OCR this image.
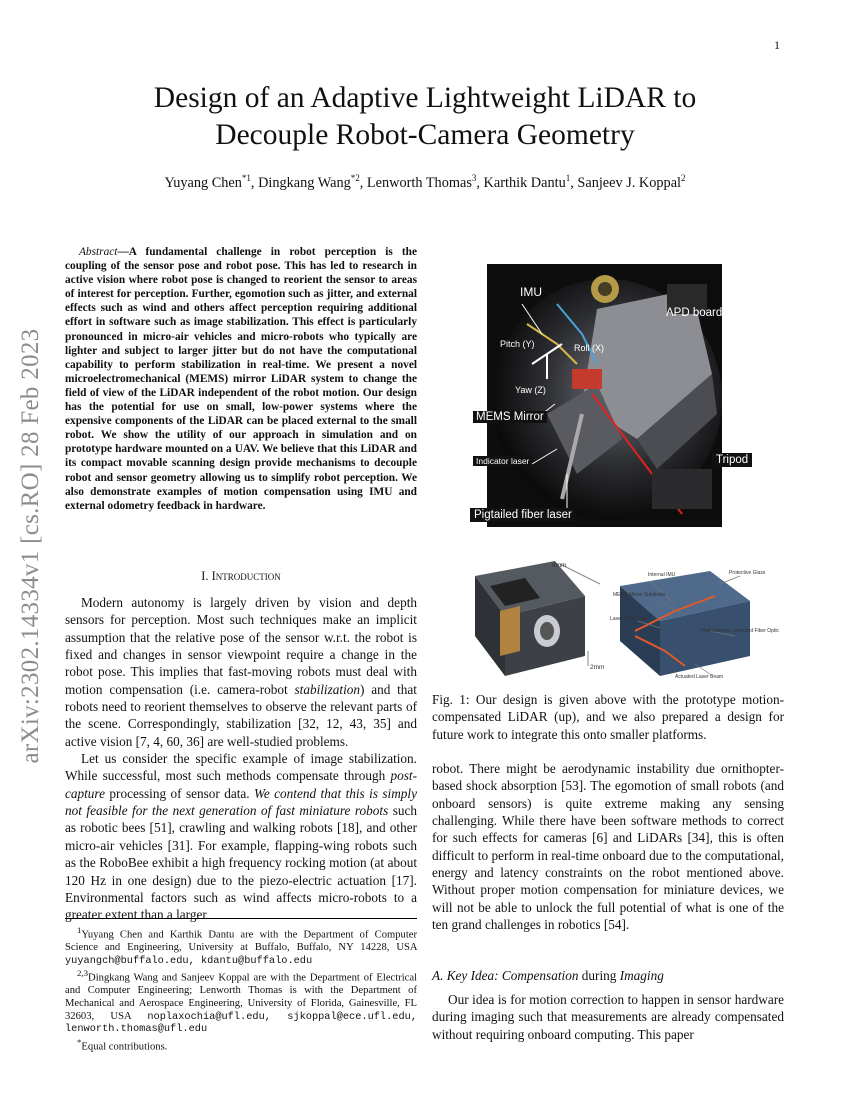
1
arXiv:2302.14334v1 [cs.RO] 28 Feb 2023
Design of an Adaptive Lightweight LiDAR to
Decouple Robot-Camera Geometry
Yuyang Chen$^{*1}$, Dingkang Wang$^{*2}$, Lenworth Thomas$^3$, Karthik Dantu$^1$, Sanjeev J. Koppal$^2$
Abstract—A fundamental challenge in robot perception is the coupling of the sensor pose and robot pose. This has led to research in active vision where robot pose is changed to reorient the sensor to areas of interest for perception. Further, egomotion such as jitter, and external effects such as wind and others affect perception requiring additional effort in software such as image stabilization. This effect is particularly pronounced in micro-air vehicles and micro-robots who typically are lighter and subject to larger jitter but do not have the computational capability to perform stabilization in real-time. We present a novel microelectromechanical (MEMS) mirror LiDAR system to change the field of view of the LiDAR independent of the robot motion. Our design has the potential for use on small, low-power systems where the expensive components of the LiDAR can be placed external to the small robot. We show the utility of our approach in simulation and on prototype hardware mounted on a UAV. We believe that this LiDAR and its compact movable scanning design provide mechanisms to decouple robot and sensor geometry allowing us to simplify robot perception. We also demonstrate examples of motion compensation using IMU and external odometry feedback in hardware.
I. Introduction

Modern autonomy is largely driven by vision and depth sensors for perception. Most such techniques make an implicit assumption that the relative pose of the sensor w.r.t. the robot is fixed and changes in sensor viewpoint require a change in the robot pose. This implies that fast-moving robots must deal with motion compensation (i.e. camera-robot stabilization) and that robots need to reorient themselves to observe the relevant parts of the scene. Correspondingly, stabilization [32, 12, 43, 35] and active vision [7, 4, 60, 36] are well-studied problems.

Let us consider the specific example of image stabilization. While successful, most such methods compensate through post-capture processing of sensor data. We contend that this is simply not feasible for the next generation of fast miniature robots such as robotic bees [51], crawling and walking robots [18], and other micro-air vehicles [31]. For example, flapping-wing robots such as the RoboBee exhibit a high frequency rocking motion (at about 120 Hz in one design) due to the piezo-electric actuation [17]. Environmental factors such as wind affects micro-robots to a greater extent than a larger

$^1$Yuyang Chen and Karthik Dantu are with the Department of Computer Science and Engineering, University at Buffalo, Buffalo, NY 14228, USA yuyangch@buffalo.edu, kdantu@buffalo.edu

$^{2,3}$Dingkang Wang and Sanjeev Koppal are with the Department of Electrical and Computer Engineering; Lenworth Thomas is with the Department of Mechanical and Aerospace Engineering, University of Florida, Gainesville, FL 32603, USA noplaxochia@ufl.edu, sjkoppal@ece.ufl.edu, lenworth.thomas@ufl.edu

*Equal contributions.

IMU
APD board
Pitch (Y)	Roll (X)
Yaw (Z)
MEMS Mirror
Indicator laser	Tripod
Pigtailed fiber laser
8mm
2mm
Internal IMU	Protective Glass
MEMS Mirror Substrate
Laser Fiber Optic
Photodetector Lens and Fiber Optic
Actuated Laser Beam
Fig. 1: Our design is given above with the prototype motion-compensated LiDAR (up), and we also prepared a design for future work to integrate this onto smaller platforms.

robot. There might be aerodynamic instability due ornithopter-based shock absorption [53]. The egomotion of small robots (and onboard sensors) is quite extreme making any sensing challenging. While there have been software methods to correct for such effects for cameras [6] and LiDARs [34], this is often difficult to perform in real-time onboard due to the computational, energy and latency constraints on the robot mentioned above. Without proper motion compensation for miniature devices, we will not be able to unlock the full potential of what is one of the ten grand challenges in robotics [54].

A. Key Idea: Compensation during Imaging

Our idea is for motion correction to happen in sensor hardware during imaging such that measurements are already compensated without requiring onboard computing. This paper
